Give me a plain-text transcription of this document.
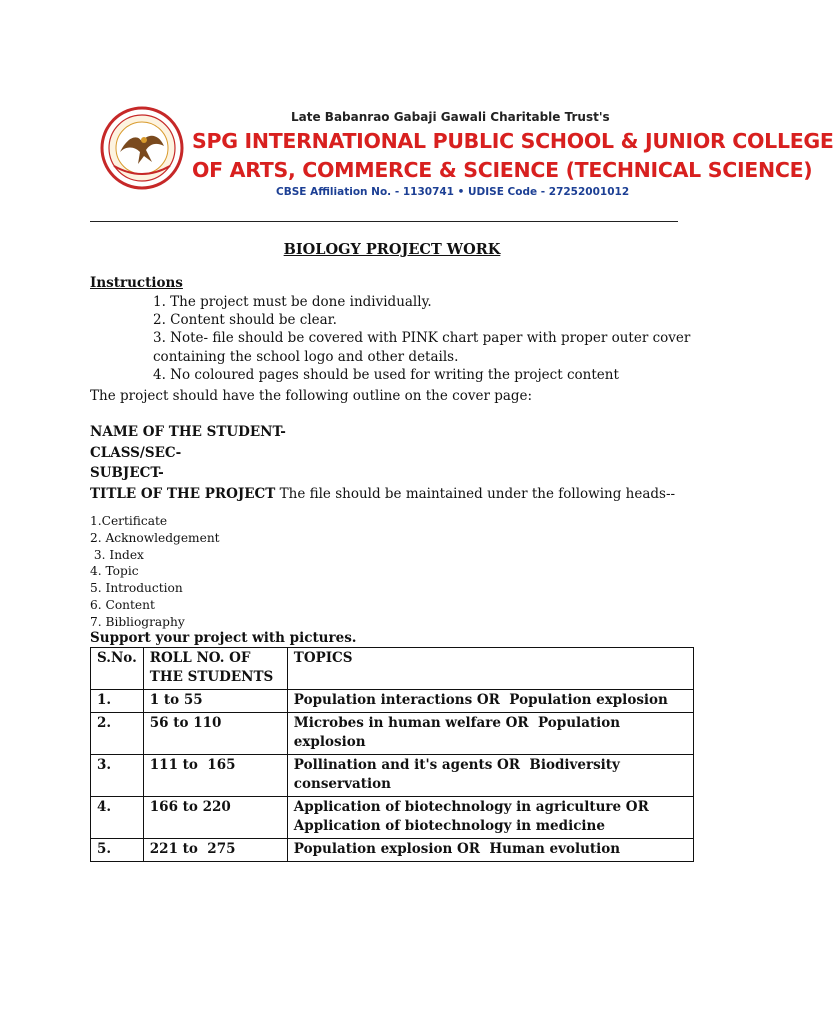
Late Babanrao Gabaji Gawali Charitable Trust's
SPG INTERNATIONAL PUBLIC SCHOOL & JUNIOR COLLEGE
OF ARTS, COMMERCE & SCIENCE (TECHNICAL SCIENCE)
CBSE Affiliation No. - 1130741 • UDISE Code - 27252001012
BIOLOGY PROJECT WORK
Instructions
1. The project must be done individually.
2. Content should be clear.
3. Note- file should be covered with PINK chart paper with proper outer cover containing the school logo and other details.
4. No coloured pages should be used for writing the project content
The project should have the following outline on the cover page:
NAME OF THE STUDENT-
CLASS/SEC-
SUBJECT-
TITLE OF THE PROJECT The file should be maintained under the following heads--
1.Certificate
2. Acknowledgement
3. Index
4. Topic
5. Introduction
6. Content
7. Bibliography
Support your project with pictures.
S.No.	ROLL NO. OF THE STUDENTS	TOPICS
1.	1 to 55	Population interactions OR  Population explosion
2.	56 to 110	Microbes in human welfare OR  Population explosion
3.	111 to  165	Pollination and it's agents OR  Biodiversity conservation
4.	166 to 220	Application of biotechnology in agriculture OR Application of biotechnology in medicine
5.	221 to  275	Population explosion OR  Human evolution
